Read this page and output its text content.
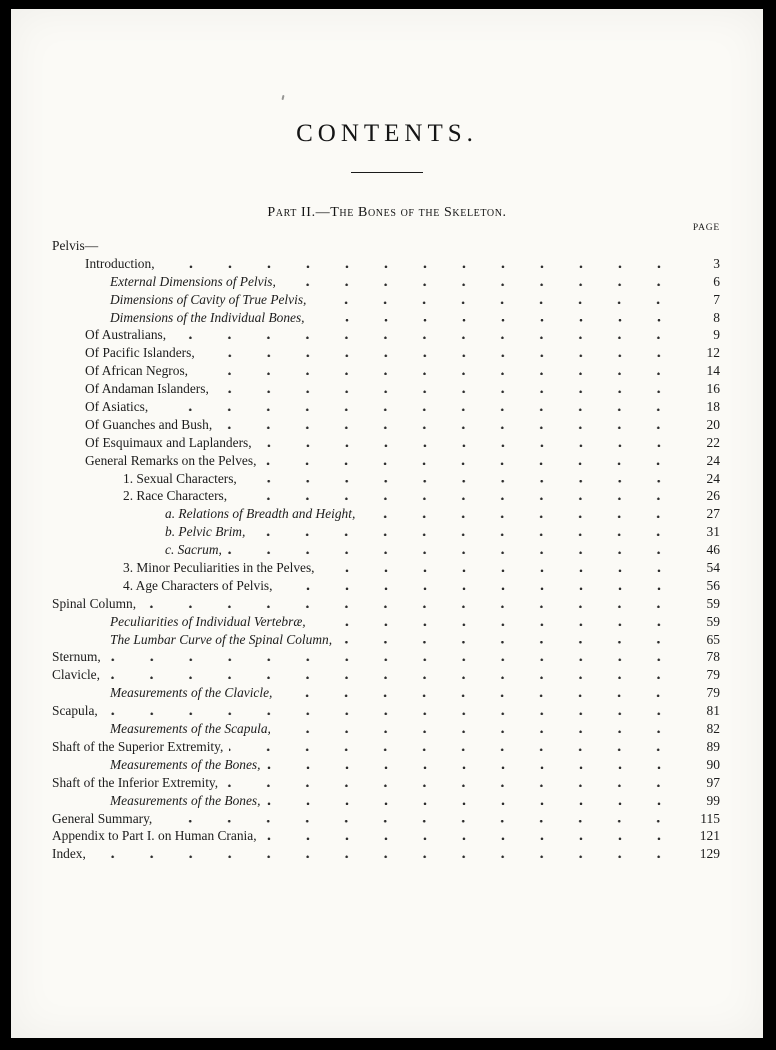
CONTENTS.
Part II.—The Bones of the Skeleton.
PAGE
Pelvis—
Introduction,	3
External Dimensions of Pelvis,	6
Dimensions of Cavity of True Pelvis,	7
Dimensions of the Individual Bones,	8
Of Australians,	9
Of Pacific Islanders,	12
Of African Negros,	14
Of Andaman Islanders,	16
Of Asiatics,	18
Of Guanches and Bush,	20
Of Esquimaux and Laplanders,	22
General Remarks on the Pelves,	24
1. Sexual Characters,	24
2. Race Characters,	26
a. Relations of Breadth and Height,	27
b. Pelvic Brim,	31
c. Sacrum,	46
3. Minor Peculiarities in the Pelves,	54
4. Age Characters of Pelvis,	56
Spinal Column,	59
Peculiarities of Individual Vertebræ,	59
The Lumbar Curve of the Spinal Column,	65
Sternum,	78
Clavicle,	79
Measurements of the Clavicle,	79
Scapula,	81
Measurements of the Scapula,	82
Shaft of the Superior Extremity,	89
Measurements of the Bones,	90
Shaft of the Inferior Extremity,	97
Measurements of the Bones,	99
General Summary,	115
Appendix to Part I. on Human Crania,	121
Index,	129
